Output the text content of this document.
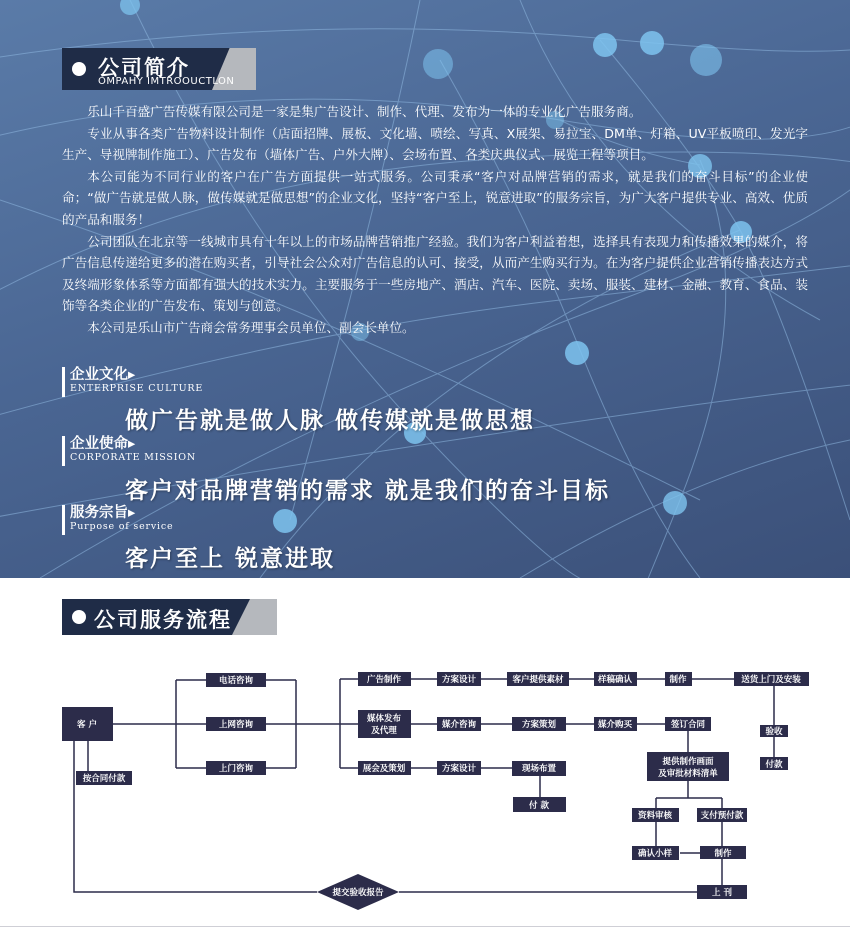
公司简介
OMPAHY IMTROOUCTLON

乐山千百盛广告传媒有限公司是一家是集广告设计、制作、代理、发布为一体的专业化广告服务商。

专业从事各类广告物料设计制作（店面招牌、展板、文化墙、喷绘、写真、X展架、易拉宝、DM单、灯箱、UV平板喷印、发光字生产、导视牌制作施工）、广告发布（墙体广告、户外大牌）、会场布置、各类庆典仪式、展览工程等项目。

本公司能为不同行业的客户在广告方面提供一站式服务。公司秉承“客户对品牌营销的需求，就是我们的奋斗目标”的企业使命；“做广告就是做人脉，做传媒就是做思想”的企业文化，坚持“客户至上，锐意进取”的服务宗旨，为广大客户提供专业、高效、优质的产品和服务！

公司团队在北京等一线城市具有十年以上的市场品牌营销推广经验。我们为客户利益着想，选择具有表现力和传播效果的媒介，将广告信息传递给更多的潜在购买者，引导社会公众对广告信息的认可、接受，从而产生购买行为。在为客户提供企业营销传播表达方式及终端形象体系等方面都有强大的技术实力。主要服务于一些房地产、酒店、汽车、医院、卖场、服装、建材、金融、教育、食品、装饰等各类企业的广告发布、策划与创意。

本公司是乐山市广告商会常务理事会员单位、副会长单位。

企业文化▸
ENTERPRISE CULTURE
做广告就是做人脉 做传媒就是做思想
企业使命▸
CORPORATE MISSION
客户对品牌营销的需求 就是我们的奋斗目标
服务宗旨▸
Purpose of service
客户至上 锐意进取
公司服务流程
客 户
按合同付款
电话咨询
上网咨询
上门咨询
广告制作
媒体发布
及代理
展会及策划
方案设计
媒介咨询
方案设计
客户提供素材
方案策划
现场布置
付 款
样稿确认
媒介购买
制作
签订合同
提供制作画面
及审批材料清单
送货上门及安装
验收
付款
资料审核	支付预付款
确认小样	制作
上 刊
提交验收报告
